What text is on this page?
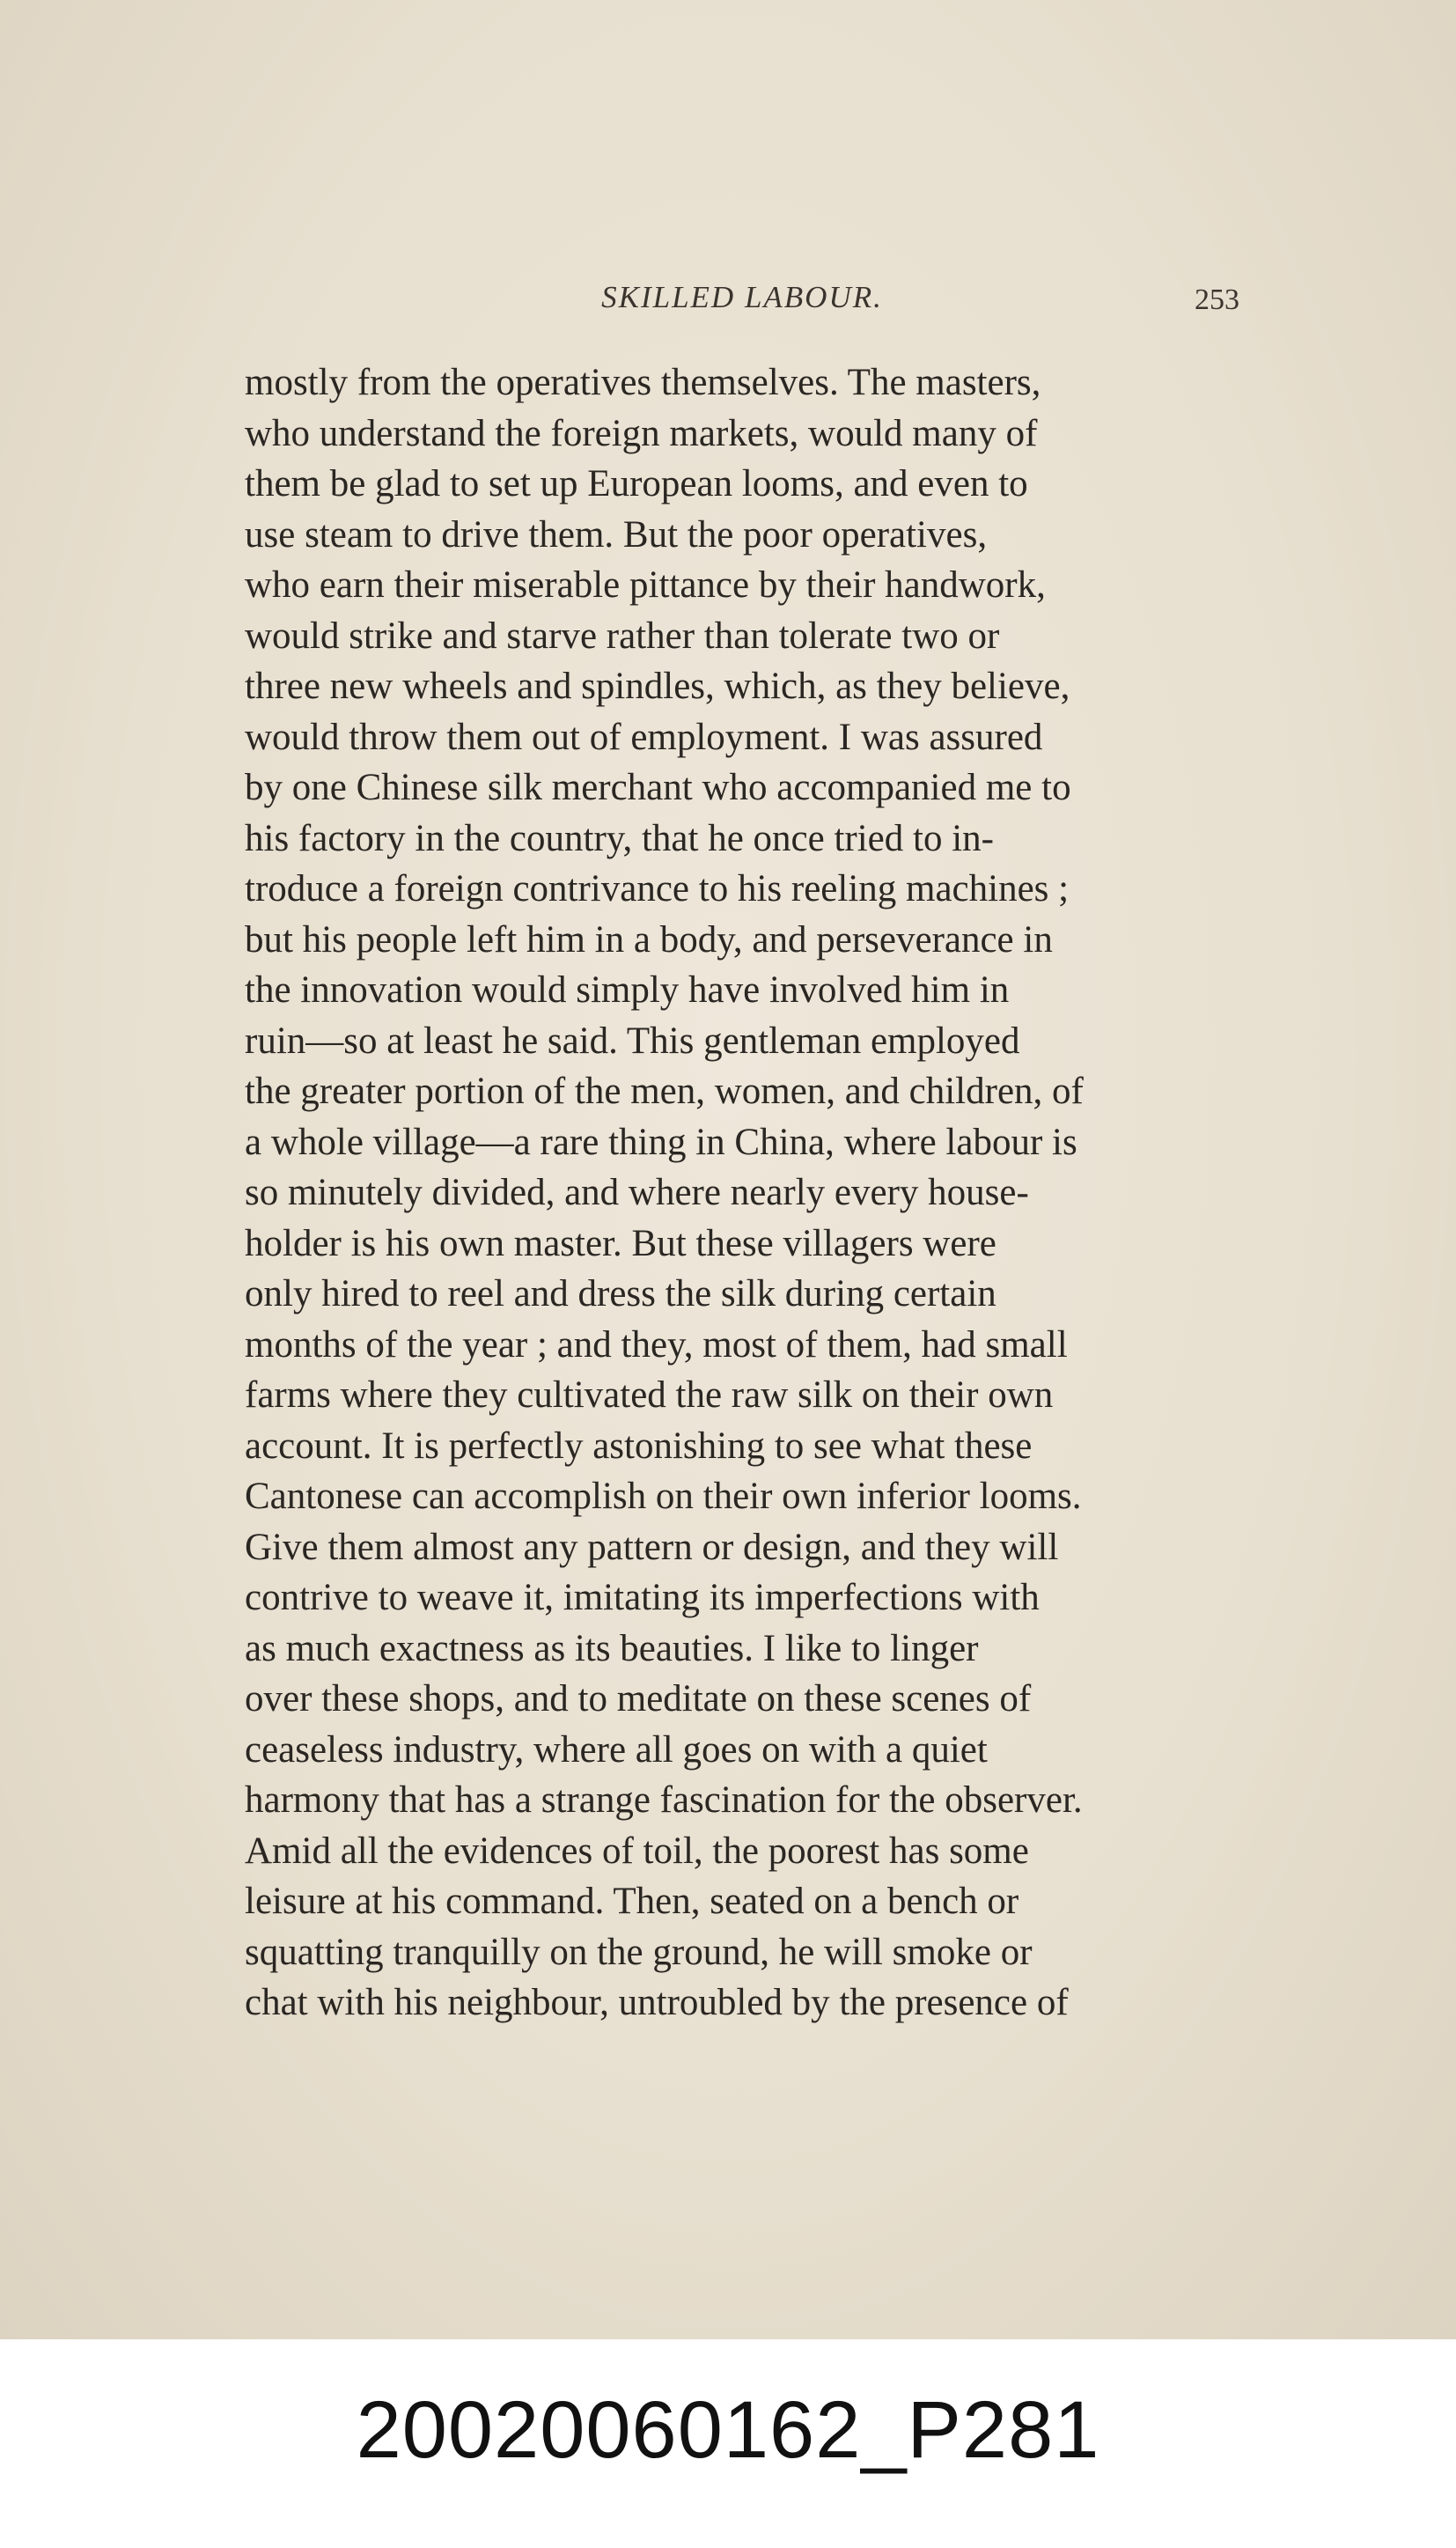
SKILLED LABOUR.	253
mostly from the operatives themselves. The masters,
who understand the foreign markets, would many of
them be glad to set up European looms, and even to
use steam to drive them. But the poor operatives,
who earn their miserable pittance by their handwork,
would strike and starve rather than tolerate two or
three new wheels and spindles, which, as they believe,
would throw them out of employment. I was assured
by one Chinese silk merchant who accompanied me to
his factory in the country, that he once tried to in-
troduce a foreign contrivance to his reeling machines ;
but his people left him in a body, and perseverance in
the innovation would simply have involved him in
ruin—so at least he said. This gentleman employed
the greater portion of the men, women, and children, of
a whole village—a rare thing in China, where labour is
so minutely divided, and where nearly every house-
holder is his own master. But these villagers were
only hired to reel and dress the silk during certain
months of the year ; and they, most of them, had small
farms where they cultivated the raw silk on their own
account. It is perfectly astonishing to see what these
Cantonese can accomplish on their own inferior looms.
Give them almost any pattern or design, and they will
contrive to weave it, imitating its imperfections with
as much exactness as its beauties. I like to linger
over these shops, and to meditate on these scenes of
ceaseless industry, where all goes on with a quiet
harmony that has a strange fascination for the observer.
Amid all the evidences of toil, the poorest has some
leisure at his command. Then, seated on a bench or
squatting tranquilly on the ground, he will smoke or
chat with his neighbour, untroubled by the presence of
20020060162_P281
